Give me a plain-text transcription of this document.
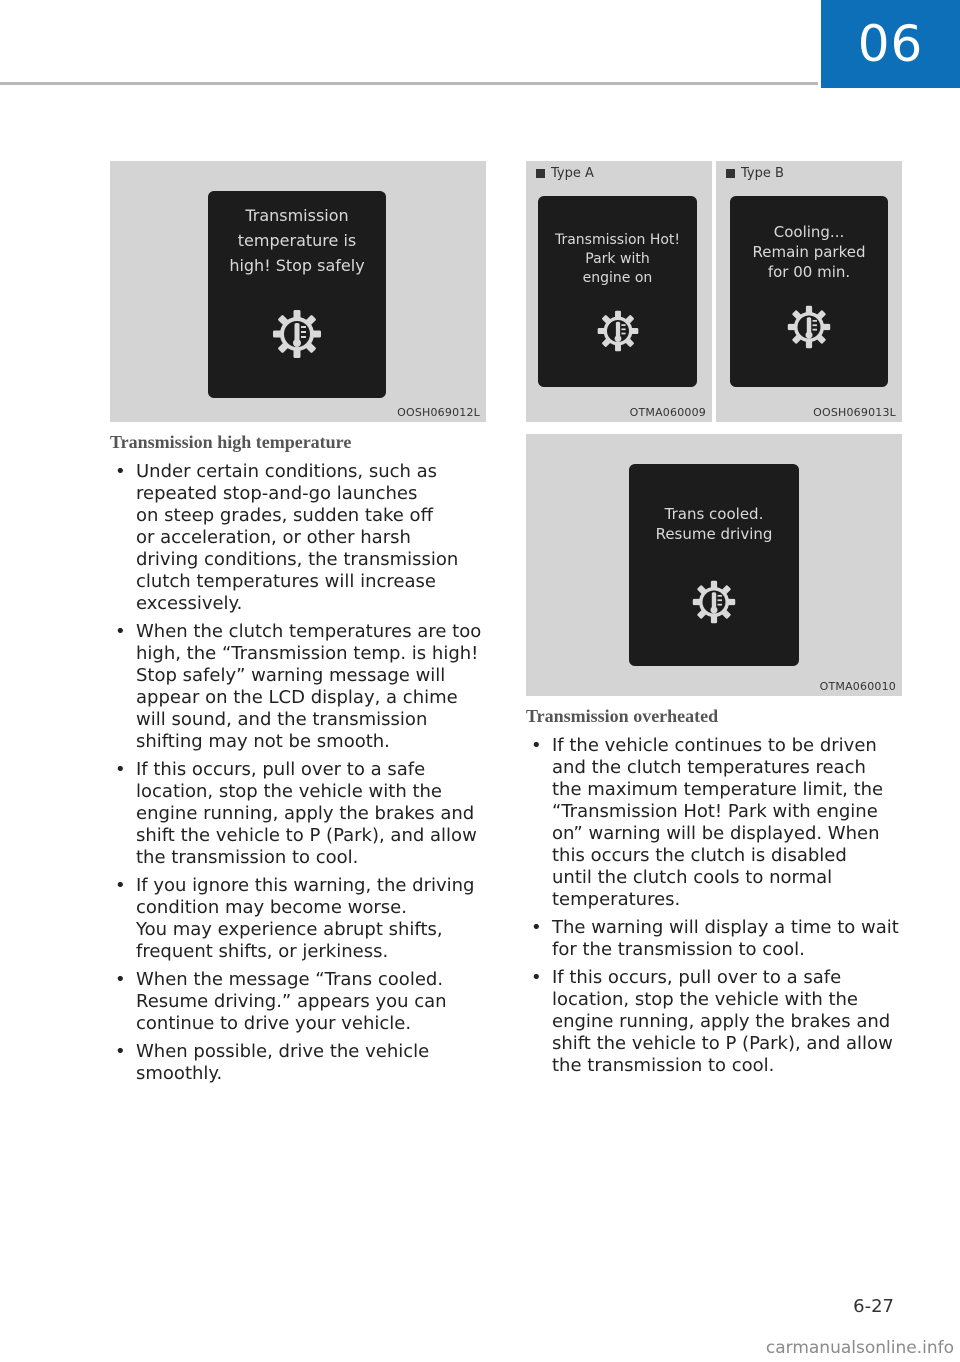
06
Transmission
temperature is
high! Stop safely
OOSH069012L
Type A
Transmission Hot!
Park with
engine on
OTMA060009
Type B
Cooling...
Remain parked
for 00 min.
OOSH069013L
Trans cooled.
Resume driving
OTMA060010
Transmission high temperature
• Under certain conditions, such as
repeated stop-and-go launches
on steep grades, sudden take off
or acceleration, or other harsh
driving conditions, the transmission
clutch temperatures will increase
excessively.
• When the clutch temperatures are too
high, the “Transmission temp. is high!
Stop safely” warning message will
appear on the LCD display, a chime
will sound, and the transmission
shifting may not be smooth.
• If this occurs, pull over to a safe
location, stop the vehicle with the
engine running, apply the brakes and
shift the vehicle to P (Park), and allow
the transmission to cool.
• If you ignore this warning, the driving
condition may become worse.
You may experience abrupt shifts,
frequent shifts, or jerkiness.
• When the message “Trans cooled.
Resume driving.” appears you can
continue to drive your vehicle.
• When possible, drive the vehicle
smoothly.
Transmission overheated
• If the vehicle continues to be driven
and the clutch temperatures reach
the maximum temperature limit, the
“Transmission Hot! Park with engine
on” warning will be displayed. When
this occurs the clutch is disabled
until the clutch cools to normal
temperatures.
• The warning will display a time to wait
for the transmission to cool.
• If this occurs, pull over to a safe
location, stop the vehicle with the
engine running, apply the brakes and
shift the vehicle to P (Park), and allow
the transmission to cool.
6-27
carmanualsonline.info
